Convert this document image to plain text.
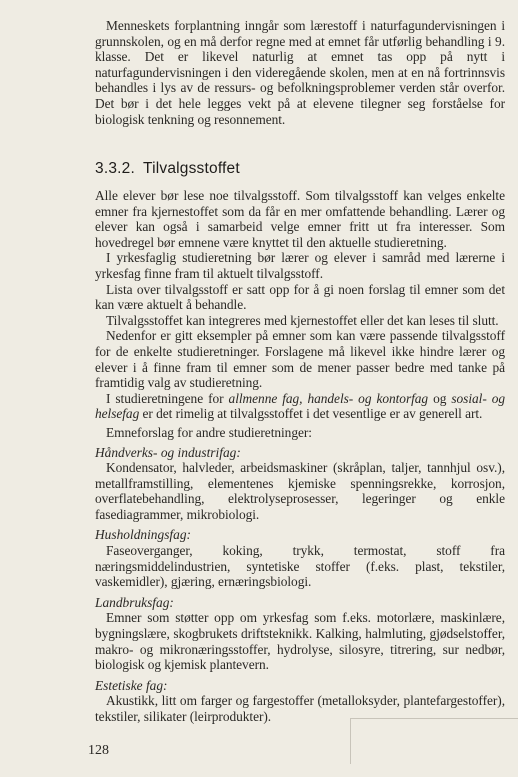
Menneskets forplantning inngår som lærestoff i naturfagundervisningen i grunnskolen, og en må derfor regne med at emnet får utførlig behandling i 9. klasse. Det er likevel naturlig at emnet tas opp på nytt i naturfagundervisningen i den videregående skolen, men at en nå fortrinnsvis behandles i lys av de ressurs- og befolkningsproblemer verden står overfor. Det bør i det hele legges vekt på at elevene tilegner seg forståelse for biologisk tenkning og resonnement.

3.3.2. Tilvalgsstoffet

Alle elever bør lese noe tilvalgsstoff. Som tilvalgsstoff kan velges enkelte emner fra kjernestoffet som da får en mer omfattende behandling. Lærer og elever kan også i samarbeid velge emner fritt ut fra interesser. Som hovedregel bør emnene være knyttet til den aktuelle studieretning.

I yrkesfaglig studieretning bør lærer og elever i samråd med lærerne i yrkesfag finne fram til aktuelt tilvalgsstoff.

Lista over tilvalgsstoff er satt opp for å gi noen forslag til emner som det kan være aktuelt å behandle.

Tilvalgsstoffet kan integreres med kjernestoffet eller det kan leses til slutt.

Nedenfor er gitt eksempler på emner som kan være passende tilvalgsstoff for de enkelte studieretninger. Forslagene må likevel ikke hindre lærer og elever i å finne fram til emner som de mener passer bedre med tanke på framtidig valg av studieretning.

I studieretningene for allmenne fag, handels- og kontorfag og sosial- og helsefag er det rimelig at tilvalgsstoffet i det vesentlige er av generell art.

Emneforslag for andre studieretninger:

Håndverks- og industrifag:

Kondensator, halvleder, arbeidsmaskiner (skråplan, taljer, tannhjul osv.), metallframstilling, elementenes kjemiske spenningsrekke, korrosjon, overflatebehandling, elektrolyseprosesser, legeringer og enkle fasediagrammer, mikrobiologi.

Husholdningsfag:

Faseoverganger, koking, trykk, termostat, stoff fra næringsmiddelindustrien, syntetiske stoffer (f.eks. plast, tekstiler, vaskemidler), gjæring, ernæringsbiologi.

Landbruksfag:

Emner som støtter opp om yrkesfag som f.eks. motorlære, maskinlære, bygningslære, skogbrukets driftsteknikk. Kalking, halmluting, gjødselstoffer, makro- og mikronæringsstoffer, hydrolyse, silosyre, titrering, sur nedbør, biologisk og kjemisk plantevern.

Estetiske fag:

Akustikk, litt om farger og fargestoffer (metalloksyder, plantefargestoffer), tekstiler, silikater (leirprodukter).

128
